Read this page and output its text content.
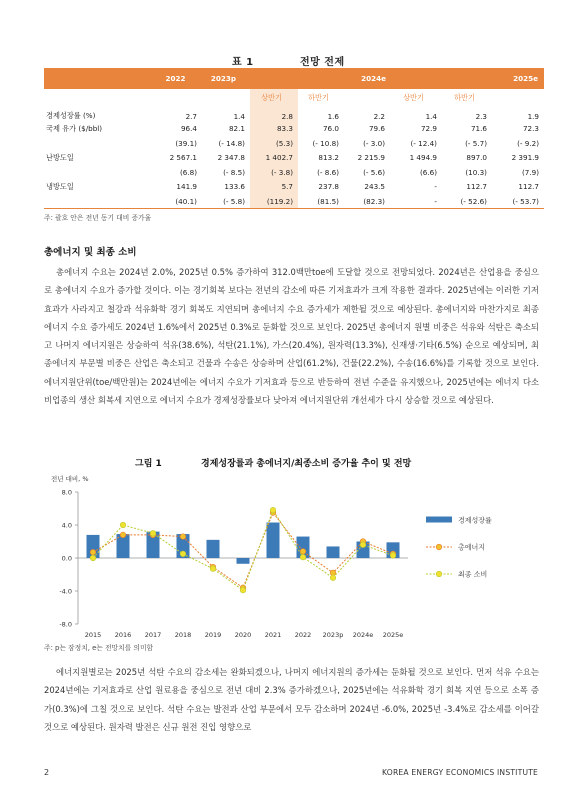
표 1	전망 전제
	2022	2023p	2024e			2025e		
			상반기	하반기		상반기	하반기	
경제성장률 (%)	2.7	1.4	2.8	1.6	2.2	1.4	2.3	1.9
국제 유가 ($/bbl)	96.4	82.1	83.3	76.0	79.6	72.9	71.6	72.3
	(39.1)	(- 14.8)	(5.3)	(- 10.8)	(- 3.0)	(- 12.4)	(- 5.7)	(- 9.2)
난방도일	2 567.1	2 347.8	1 402.7	813.2	2 215.9	1 494.9	897.0	2 391.9
	(6.8)	(- 8.5)	(- 3.8)	(- 8.6)	(- 5.6)	(6.6)	(10.3)	(7.9)
냉방도일	141.9	133.6	5.7	237.8	243.5	-	112.7	112.7
	(40.1)	(- 5.8)	(119.2)	(81.5)	(82.3)	-	(- 52.6)	(- 53.7)
주: 괄호 안은 전년 동기 대비 증가율
총에너지 및 최종 소비

총에너지 수요는 2024년 2.0%, 2025년 0.5% 증가하여 312.0백만toe에 도달할 것으로 전망되었다. 2024년은 산업용을 중심으로 총에너지 수요가 증가할 것이다. 이는 경기회복 보다는 전년의 감소에 따른 기저효과가 크게 작용한 결과다. 2025년에는 이러한 기저효과가 사라지고 철강과 석유화학 경기 회복도 지연되며 총에너지 수요 증가세가 제한될 것으로 예상된다. 총에너지와 마찬가지로 최종에너지 수요 증가세도 2024년 1.6%에서 2025년 0.3%로 둔화할 것으로 보인다. 2025년 총에너지 원별 비중은 석유와 석탄은 축소되고 나머지 에너지원은 상승하여 석유(38.6%), 석탄(21.1%), 가스(20.4%), 원자력(13.3%), 신재생·기타(6.5%) 순으로 예상되며, 최종에너지 부문별 비중은 산업은 축소되고 건물과 수송은 상승하며 산업(61.2%), 건물(22.2%), 수송(16.6%)를 기록할 것으로 보인다. 에너지원단위(toe/백만원)는 2024년에는 에너지 수요가 기저효과 등으로 반등하여 전년 수준을 유지했으나, 2025년에는 에너지 다소비업종의 생산 회복세 지연으로 에너지 수요가 경제성장률보다 낮아져 에너지원단위 개선세가 다시 상승할 것으로 예상된다.

그림 1	경제성장률과 총에너지/최종소비 증가율 추이 및 전망
전년 대비, %
8.0
4.0
0.0
-4.0
-8.0
2015 2016 2017 2018 2019 2020 2021 2022 2023p 2024e 2025e
경제성장률
총에너지
최종 소비
주: p는 잠정치, e는 전망치를 의미함

에너지원별로는 2025년 석탄 수요의 감소세는 완화되겠으나, 나머지 에너지원의 증가세는 둔화될 것으로 보인다. 먼저 석유 수요는 2024년에는 기저효과로 산업 원료용을 중심으로 전년 대비 2.3% 증가하겠으나, 2025년에는 석유화학 경기 회복 지연 등으로 소폭 증가(0.3%)에 그칠 것으로 보인다. 석탄 수요는 발전과 산업 부문에서 모두 감소하며 2024년 -6.0%, 2025년 -3.4%로 감소세를 이어갈 것으로 예상된다. 원자력 발전은 신규 원전 진입 영향으로

2	KOREA ENERGY ECONOMICS INSTITUTE
